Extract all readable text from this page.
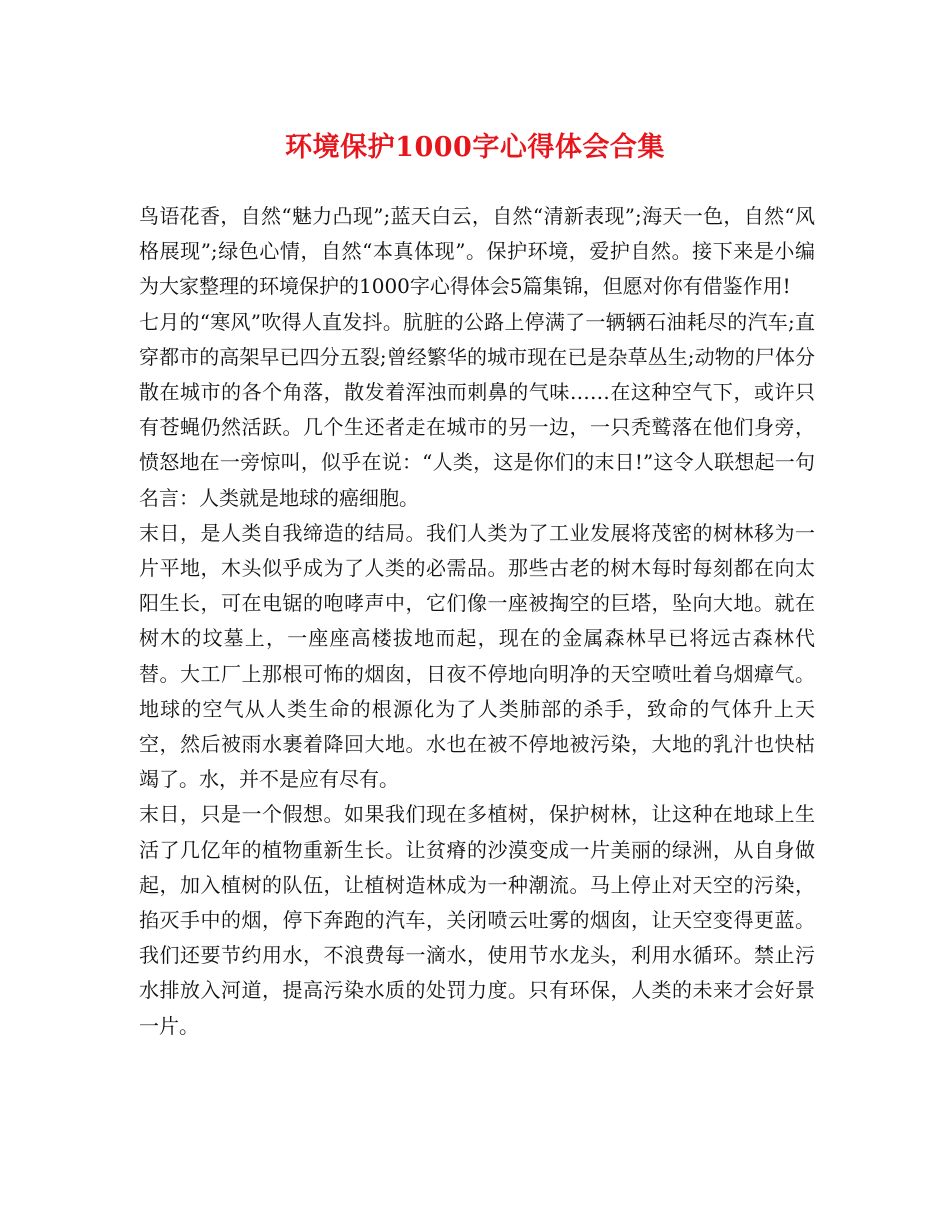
环境保护1000字心得体会合集

鸟语花香，自然“魅力凸现”;蓝天白云，自然“清新表现”;海天一色，自然“风格展现”;绿色心情，自然“本真体现”。保护环境，爱护自然。接下来是小编为大家整理的环境保护的1000字心得体会5篇集锦，但愿对你有借鉴作用!

七月的“寒风”吹得人直发抖。肮脏的公路上停满了一辆辆石油耗尽的汽车;直穿都市的高架早已四分五裂;曾经繁华的城市现在已是杂草丛生;动物的尸体分散在城市的各个角落，散发着浑浊而刺鼻的气味……在这种空气下，或许只有苍蝇仍然活跃。几个生还者走在城市的另一边，一只秃鹫落在他们身旁，愤怒地在一旁惊叫，似乎在说：“人类，这是你们的末日!”这令人联想起一句名言：人类就是地球的癌细胞。

末日，是人类自我缔造的结局。我们人类为了工业发展将茂密的树林移为一片平地，木头似乎成为了人类的必需品。那些古老的树木每时每刻都在向太阳生长，可在电锯的咆哮声中，它们像一座被掏空的巨塔，坠向大地。就在树木的坟墓上，一座座高楼拔地而起，现在的金属森林早已将远古森林代替。大工厂上那根可怖的烟囱，日夜不停地向明净的天空喷吐着乌烟瘴气。地球的空气从人类生命的根源化为了人类肺部的杀手，致命的气体升上天空，然后被雨水裹着降回大地。水也在被不停地被污染，大地的乳汁也快枯竭了。水，并不是应有尽有。

末日，只是一个假想。如果我们现在多植树，保护树林，让这种在地球上生活了几亿年的植物重新生长。让贫瘠的沙漠变成一片美丽的绿洲，从自身做起，加入植树的队伍，让植树造林成为一种潮流。马上停止对天空的污染，掐灭手中的烟，停下奔跑的汽车，关闭喷云吐雾的烟囱，让天空变得更蓝。我们还要节约用水，不浪费每一滴水，使用节水龙头，利用水循环。禁止污水排放入河道，提高污染水质的处罚力度。只有环保，人类的未来才会好景一片。
